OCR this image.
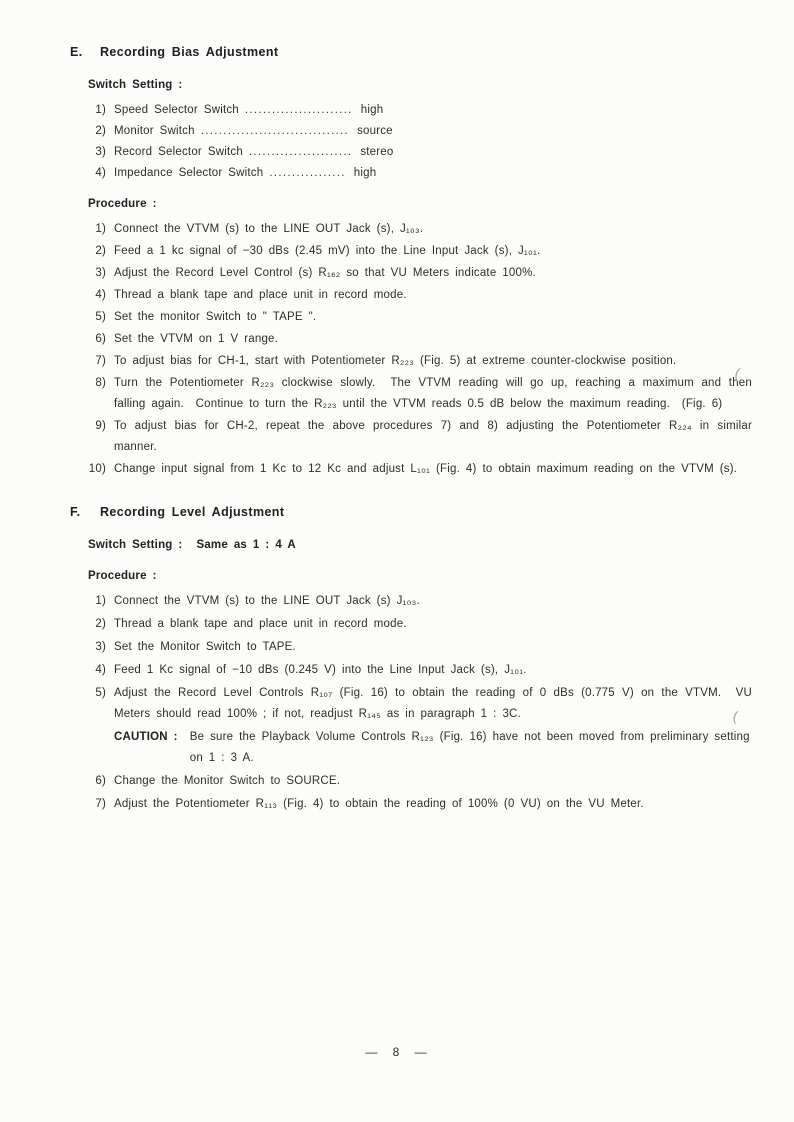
E. Recording Bias Adjustment
Switch Setting :
1) Speed Selector Switch ........................ high
2) Monitor Switch ................................. source
3) Record Selector Switch ....................... stereo
4) Impedance Selector Switch ................. high
Procedure :
1) Connect the VTVM (s) to the LINE OUT Jack (s), J₁₀₃.
2) Feed a 1 kc signal of −30 dBs (2.45 mV) into the Line Input Jack (s), J₁₀₁.
3) Adjust the Record Level Control (s) R₁₆₂ so that VU Meters indicate 100%.
4) Thread a blank tape and place unit in record mode.
5) Set the monitor Switch to " TAPE ".
6) Set the VTVM on 1 V range.
7) To adjust bias for CH-1, start with Potentiometer R₂₂₃ (Fig. 5) at extreme counter-clockwise position.
8) Turn the Potentiometer R₂₂₃ clockwise slowly.  The VTVM reading will go up, reaching a maximum and then falling again.  Continue to turn the R₂₂₃ until the VTVM reads 0.5 dB below the maximum reading.  (Fig. 6)
9) To adjust bias for CH-2, repeat the above procedures 7) and 8) adjusting the Potentiometer R₂₂₄ in similar manner.
10) Change input signal from 1 Kc to 12 Kc and adjust L₁₀₁ (Fig. 4) to obtain maximum reading on the VTVM (s).
F.	Recording Level Adjustment
Switch Setting : Same as 1 : 4 A
Procedure :
1) Connect the VTVM (s) to the LINE OUT Jack (s) J₁₀₃.
2) Thread a blank tape and place unit in record mode.
3) Set the Monitor Switch to TAPE.
4) Feed 1 Kc signal of −10 dBs (0.245 V) into the Line Input Jack (s), J₁₀₁.
5) Adjust the Record Level Controls R₁₀₇ (Fig. 16) to obtain the reading of 0 dBs (0.775 V) on the VTVM.  VU Meters should read 100% ; if not, readjust R₁₄₅ as in paragraph 1 : 3C.
CAUTION : Be sure the Playback Volume Controls R₁₂₃ (Fig. 16) have not been moved from preliminary setting
on 1 : 3 A.
6) Change the Monitor Switch to SOURCE.
7) Adjust the Potentiometer R₁₁₃ (Fig. 4) to obtain the reading of 100% (0 VU) on the VU Meter.
— 8 —
(
(
